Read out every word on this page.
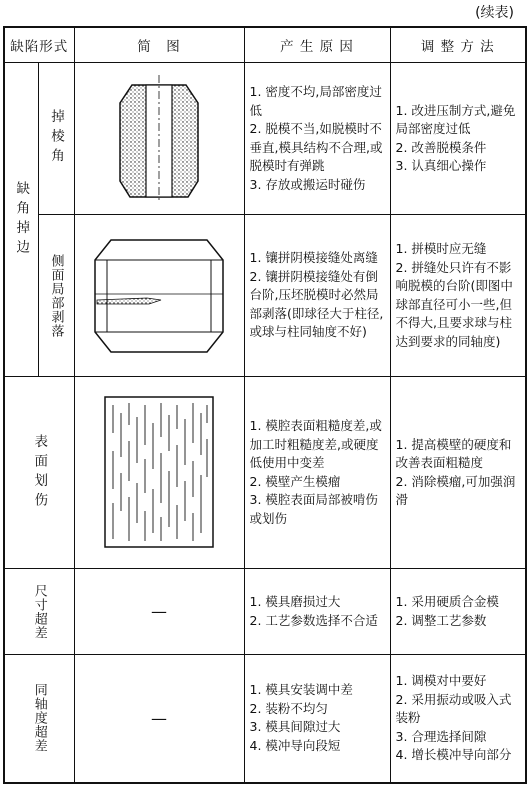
(续表)
缺陷形式		简　图	产 生 原 因	调 整 方 法

缺角掉边	掉棱角		1. 密度不均,局部密度过低
2. 脱模不当,如脱模时不垂直,模具结构不合理,或脱模时有弹跳
3. 存放或搬运时碰伤	1. 改进压制方式,避免局部密度过低
2. 改善脱模条件
3. 认真细心操作

	侧面局部剥落		1. 镶拼阴模接缝处离缝
2. 镶拼阴模接缝处有倒台阶,压坯脱模时必然局部剥落(即球径大于柱径,或球与柱同轴度不好)	1. 拼模时应无缝
2. 拼缝处只许有不影响脱模的台阶(即图中球部直径可小一些,但不得大,且要求球与柱达到要求的同轴度)

表面划伤			1. 模腔表面粗糙度差,或加工时粗糙度差,或硬度低使用中变差
2. 模壁产生模瘤
3. 模腔表面局部被啃伤或划伤	1. 提高模壁的硬度和改善表面粗糙度
2. 消除模瘤,可加强润滑

尺寸超差		—	1. 模具磨损过大
2. 工艺参数选择不合适	1. 采用硬质合金模
2. 调整工艺参数

同轴度超差		—	1. 模具安装调中差
2. 装粉不均匀
3. 模具间隙过大
4. 模冲导向段短	1. 调模对中要好
2. 采用振动或吸入式装粉
3. 合理选择间隙
4. 增长模冲导向部分
